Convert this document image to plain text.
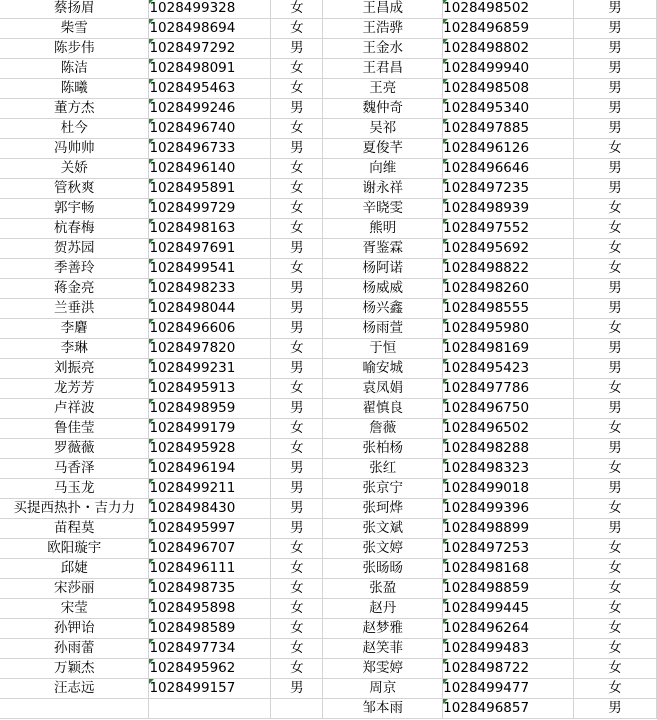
蔡扬眉	1028499328	女	王昌成	1028498502	男
柴雪	1028498694	女	王浩骅	1028496859	男
陈步伟	1028497292	男	王金水	1028498802	男
陈洁	1028498091	女	王君昌	1028499940	男
陈曦	1028495463	女	王亮	1028498508	男
董方杰	1028499246	男	魏仲奇	1028495340	男
杜今	1028496740	女	吴祁	1028497885	男
冯帅帅	1028496733	男	夏俊芊	1028496126	女
关娇	1028496140	女	向维	1028496646	男
管秋爽	1028495891	女	谢永祥	1028497235	男
郭宇畅	1028499729	女	辛晓雯	1028498939	女
杭春梅	1028498163	女	熊明	1028497552	女
贺苏园	1028497691	男	胥鉴霖	1028495692	女
季善玲	1028499541	女	杨阿诺	1028498822	女
蒋金亮	1028498233	男	杨威威	1028498260	男
兰垂洪	1028498044	男	杨兴鑫	1028498555	男
李麏	1028496606	男	杨雨萱	1028495980	女
李琳	1028497820	女	于恒	1028498169	男
刘振亮	1028499231	男	喻安城	1028495423	男
龙芳芳	1028495913	女	袁凤娟	1028497786	女
卢祥波	1028498959	男	翟慎良	1028496750	男
鲁佳莹	1028499179	女	詹薇	1028496502	女
罗薇薇	1028495928	女	张柏杨	1028498288	男
马香泽	1028496194	男	张红	1028498323	女
马玉龙	1028499211	男	张京宁	1028499018	男
买提西热扑・吉力力	1028498430	男	张珂烨	1028499396	女
苗程莫	1028495997	男	张文斌	1028498899	男
欧阳璇宇	1028496707	女	张文婷	1028497253	女
邱婕	1028496111	女	张旸旸	1028498168	女
宋莎丽	1028498735	女	张盈	1028498859	女
宋莹	1028495898	女	赵丹	1028499445	女
孙钾诒	1028498589	女	赵梦雅	1028496264	女
孙雨蕾	1028497734	女	赵笑菲	1028499483	女
万颖杰	1028495962	女	郑雯婷	1028498722	女
汪志远	1028499157	男	周京	1028499477	女
			邹本雨	1028496857	男
